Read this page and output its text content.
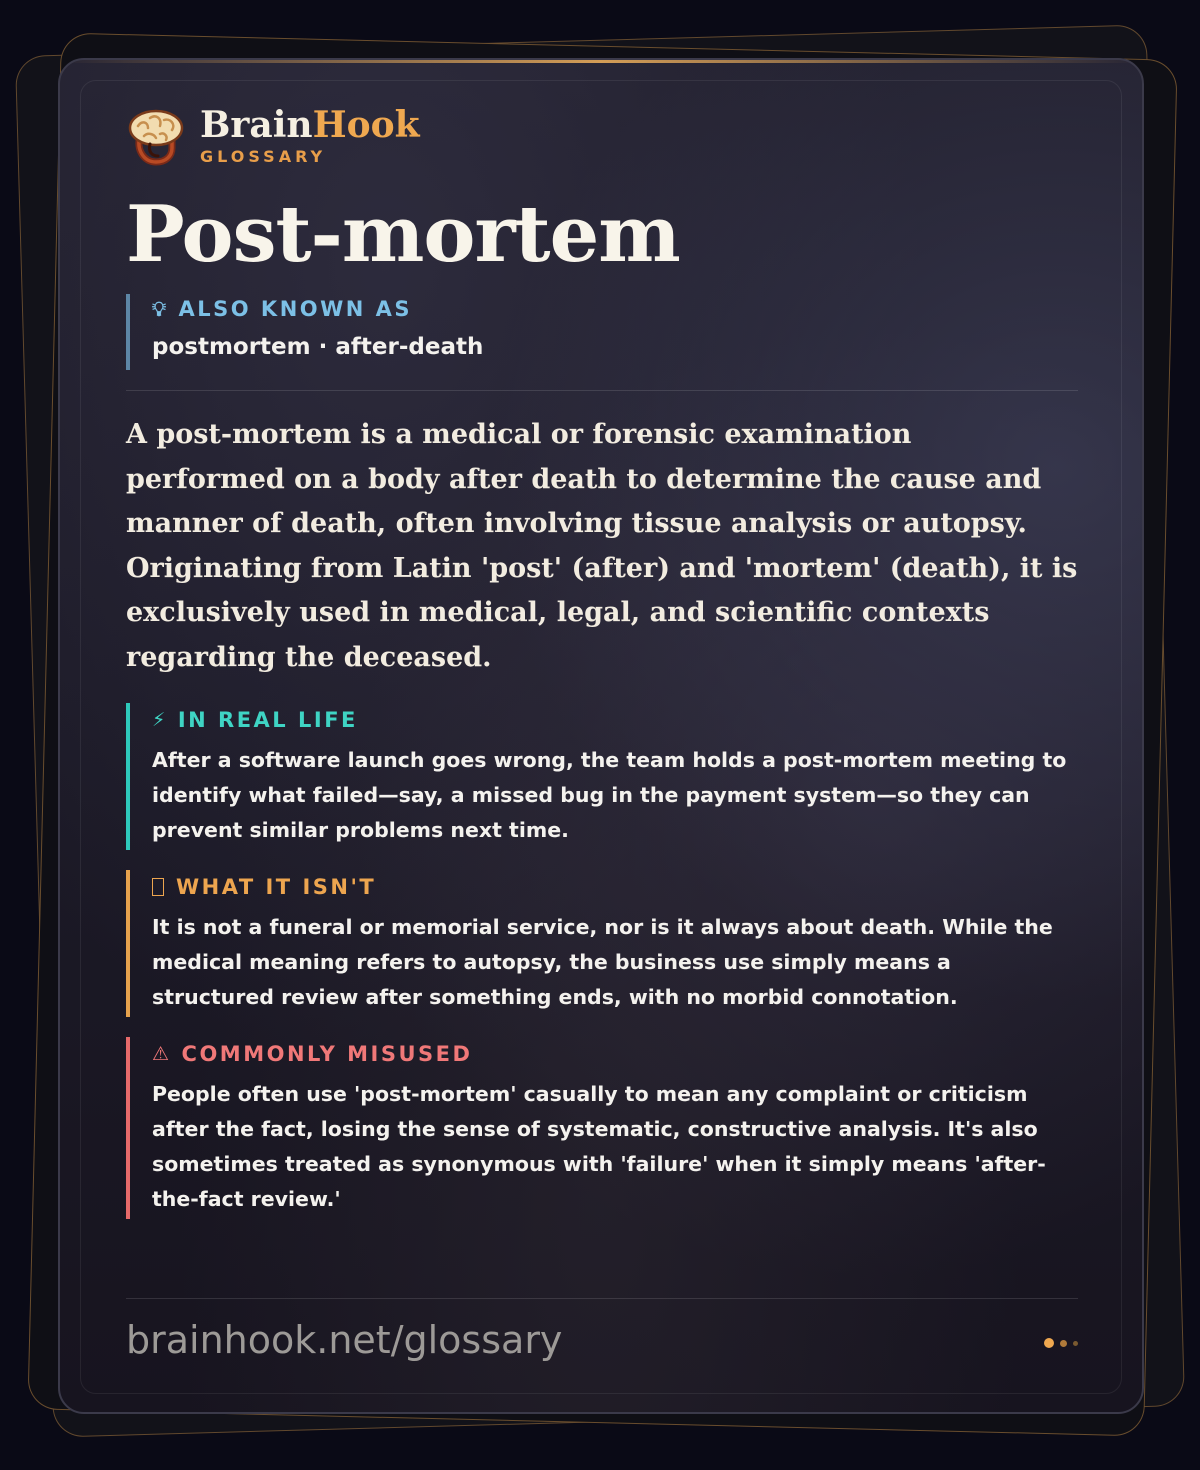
BrainHook
GLOSSARY
Post-mortem
💡︎ ALSO KNOWN AS
postmortem · after-death
A post-mortem is a medical or forensic examination performed on a body after death to determine the cause and manner of death, often involving tissue analysis or autopsy. Originating from Latin 'post' (after) and 'mortem' (death), it is exclusively used in medical, legal, and scientific contexts regarding the deceased.
⚡︎ IN REAL LIFE
After a software launch goes wrong, the team holds a post-mortem meeting to identify what failed—say, a missed bug in the payment system—so they can prevent similar problems next time.
WHAT IT ISN'T
It is not a funeral or memorial service, nor is it always about death. While the medical meaning refers to autopsy, the business use simply means a structured review after something ends, with no morbid connotation.
⚠ COMMONLY MISUSED
People often use 'post-mortem' casually to mean any complaint or criticism after the fact, losing the sense of systematic, constructive analysis. It's also sometimes treated as synonymous with 'failure' when it simply means 'after-the-fact review.'
brainhook.net/glossary
